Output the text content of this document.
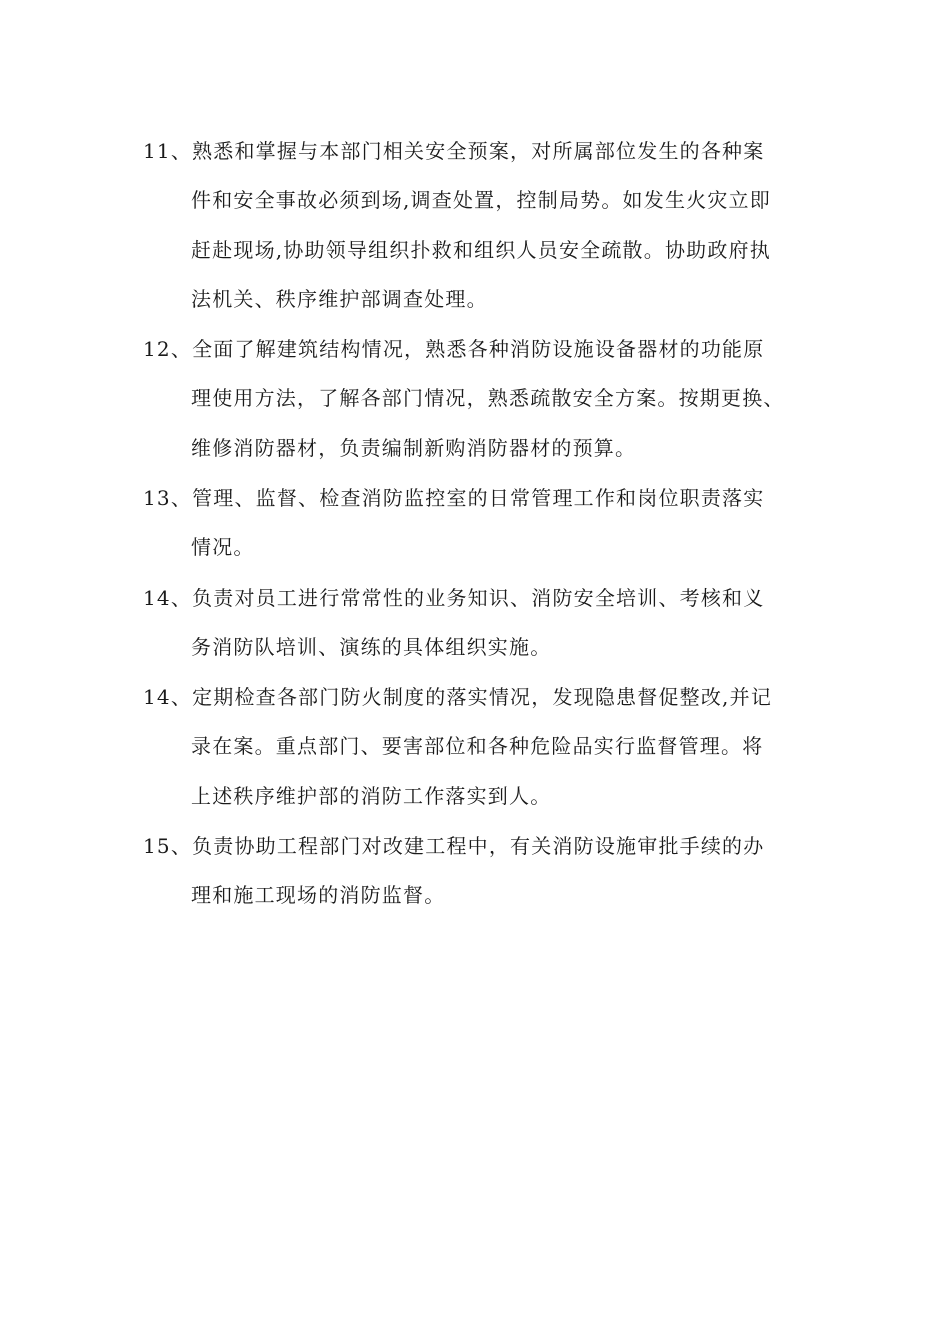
11、熟悉和掌握与本部门相关安全预案，对所属部位发生的各种案
件和安全事故必须到场,调查处置，控制局势。如发生火灾立即
赶赴现场,协助领导组织扑救和组织人员安全疏散。协助政府执
法机关、秩序维护部调查处理。
12、全面了解建筑结构情况，熟悉各种消防设施设备器材的功能原
理使用方法，了解各部门情况，熟悉疏散安全方案。按期更换、
维修消防器材，负责编制新购消防器材的预算。
13、管理、监督、检查消防监控室的日常管理工作和岗位职责落实
情况。
14、负责对员工进行常常性的业务知识、消防安全培训、考核和义
务消防队培训、演练的具体组织实施。
14、定期检查各部门防火制度的落实情况，发现隐患督促整改,并记
录在案。重点部门、要害部位和各种危险品实行监督管理。将
上述秩序维护部的消防工作落实到人。
15、负责协助工程部门对改建工程中，有关消防设施审批手续的办
理和施工现场的消防监督。
